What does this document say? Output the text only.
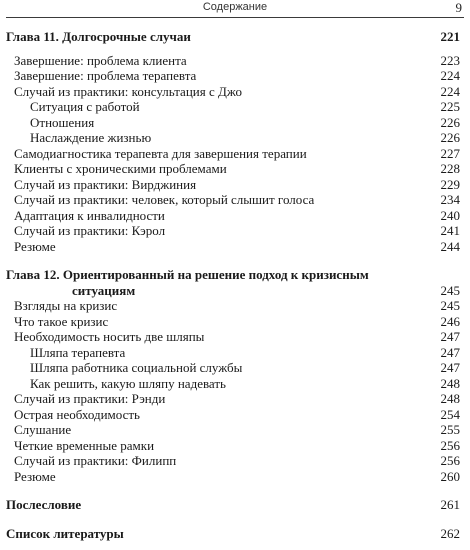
Содержание	9
Глава 11. Долгосрочные случаи	221
Завершение: проблема клиента	223
Завершение: проблема терапевта	224
Случай из практики: консультация с Джо	224
Ситуация с работой	225
Отношения	226
Наслаждение жизнью	226
Самодиагностика терапевта для завершения терапии	227
Клиенты с хроническими проблемами	228
Случай из практики: Вирджиния	229
Случай из практики: человек, который слышит голоса	234
Адаптация к инвалидности	240
Случай из практики: Кэрол	241
Резюме	244
Глава 12. Ориентированный на решение подход к кризисным
ситуациям	245
Взгляды на кризис	245
Что такое кризис	246
Необходимость носить две шляпы	247
Шляпа терапевта	247
Шляпа работника социальной службы	247
Как решить, какую шляпу надевать	248
Случай из практики: Рэнди	248
Острая необходимость	254
Слушание	255
Четкие временные рамки	256
Случай из практики: Филипп	256
Резюме	260
Послесловие	261
Список литературы	262
